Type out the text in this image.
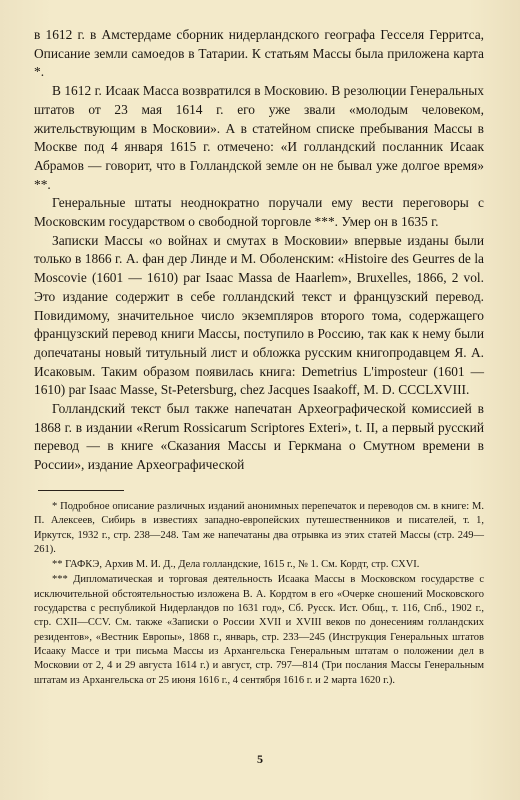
в 1612 г. в Амстердаме сборник нидерландского географа Гесселя Герритса, Описание земли самоедов в Татарии. К статьям Массы была приложена карта *.

В 1612 г. Исаак Масса возвратился в Московию. В резолюции Генеральных штатов от 23 мая 1614 г. его уже звали «молодым человеком, жительствующим в Московии». А в статейном списке пребывания Массы в Москве под 4 января 1615 г. отмечено: «И голландский посланник Исаак Абрамов — говорит, что в Голландской земле он не бывал уже долгое время» **.

Генеральные штаты неоднократно поручали ему вести переговоры с Московским государством о свободной торговле ***. Умер он в 1635 г.

Записки Массы «о войнах и смутах в Московии» впервые изданы были только в 1866 г. А. фан дер Линде и М. Оболенским: «Histoire des Geurres de la Moscovie (1601 — 1610) par Isaac Massa de Haarlem», Bruxelles, 1866, 2 vol. Это издание содержит в себе голландский текст и французский перевод. Повидимому, значительное число экземпляров второго тома, содержащего французский перевод книги Массы, поступило в Россию, так как к нему были допечатаны новый титульный лист и обложка русским книгопродавцем Я. А. Исаковым. Таким образом появилась книга: Demetrius L'imposteur (1601 — 1610) par Isaac Masse, St-Petersburg, chez Jacques Isaakoff, M. D. CCCLXVIII.

Голландский текст был также напечатан Археографической комиссией в 1868 г. в издании «Rerum Rossicarum Scriptores Exteri», t. II, а первый русский перевод — в книге «Сказания Массы и Геркмана о Смутном времени в России», издание Археографической

* Подробное описание различных изданий анонимных перепечаток и переводов см. в книге: М. П. Алексеев, Сибирь в известиях западно-европейских путешественников и писателей, т. 1, Иркутск, 1932 г., стр. 238—248. Там же напечатаны два отрывка из этих статей Массы (стр. 249—261).

** ГАФКЭ, Архив М. И. Д., Дела голландские, 1615 г., № 1. См. Кордт, стр. CXVI.

*** Дипломатическая и торговая деятельность Исаака Массы в Московском государстве с исключительной обстоятельностью изложена В. А. Кордтом в его «Очерке сношений Московского государства с республикой Нидерландов по 1631 год», Сб. Русск. Ист. Общ., т. 116, Спб., 1902 г., стр. CXII—CCV. См. также «Записки о России XVII и XVIII веков по донесениям голландских резидентов», «Вестник Европы», 1868 г., январь, стр. 233—245 (Инструкция Генеральных штатов Исааку Массе и три письма Массы из Архангельска Генеральным штатам о положении дел в Московии от 2, 4 и 29 августа 1614 г.) и август, стр. 797—814 (Три послания Массы Генеральным штатам из Архангельска от 25 июня 1616 г., 4 сентября 1616 г. и 2 марта 1620 г.).

5
